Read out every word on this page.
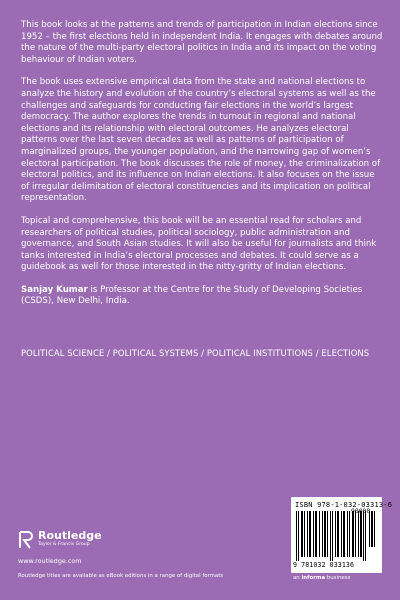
This book looks at the patterns and trends of participation in Indian elections since 1952 – the first elections held in independent India. It engages with debates around the nature of the multi-party electoral politics in India and its impact on the voting behaviour of Indian voters.

The book uses extensive empirical data from the state and national elections to analyze the history and evolution of the country’s electoral systems as well as the challenges and safeguards for conducting fair elections in the world’s largest democracy. The author explores the trends in turnout in regional and national elections and its relationship with electoral outcomes. He analyzes electoral patterns over the last seven decades as well as patterns of participation of marginalized groups, the younger population, and the narrowing gap of women’s electoral participation. The book discusses the role of money, the criminalization of electoral politics, and its influence on Indian elections. It also focuses on the issue of irregular delimitation of electoral constituencies and its implication on political representation.

Topical and comprehensive, this book will be an essential read for scholars and researchers of political studies, political sociology, public administration and governance, and South Asian studies. It will also be useful for journalists and think tanks interested in India’s electoral processes and debates. It could serve as a guidebook as well for those interested in the nitty-gritty of Indian elections.

Sanjay Kumar is Professor at the Centre for the Study of Developing Societies (CSDS), New Delhi, India.

POLITICAL SCIENCE / POLITICAL SYSTEMS / POLITICAL INSTITUTIONS / ELECTIONS
ISBN 978-1-032-03313-6
9 781032 033136
Routledge
Taylor & Francis Group
www.routledge.com
Routledge titles are available as eBook editions in a range of digital formats	an informa business
